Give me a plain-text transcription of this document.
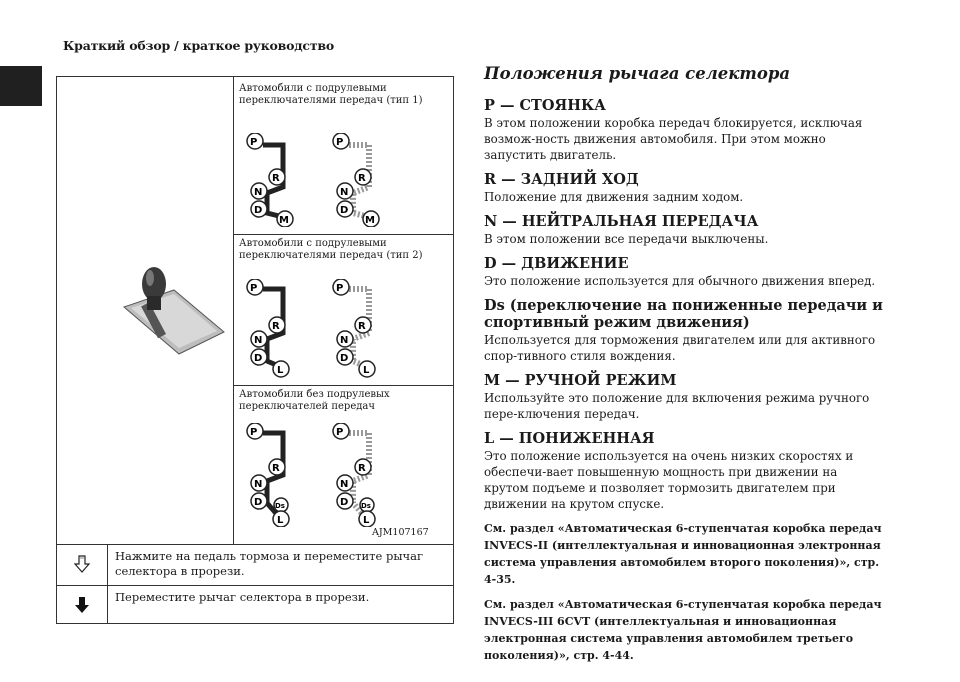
Краткий обзор / краткое руководство
Автомобили с подрулевыми переключателями передач (тип 1)
Автомобили с подрулевыми переключателями передач (тип 2)
Автомобили без подрулевых переключателей передач
P
R
N
D
M
P
R
N
D
M
P
R
N
D
L
P
R
N
D
L
P
R
N
D Ds
L
P
R
N
D Ds
L
AJM107167
Нажмите на педаль тормоза и переместите рычаг селектора в прорези.
Переместите рычаг селектора в прорези.
Положения рычага селектора
P — СТОЯНКА
В этом положении коробка передач блокируется, исключая возмож-ность движения автомобиля. При этом можно запустить двигатель.
R — ЗАДНИЙ ХОД
Положение для движения задним ходом.
N — НЕЙТРАЛЬНАЯ ПЕРЕДАЧА
В этом положении все передачи выключены.
D — ДВИЖЕНИЕ
Это положение используется для обычного движения вперед.
Ds (переключение на пониженные передачи и спортивный режим движения)
Используется для торможения двигателем или для активного спор-тивного стиля вождения.
M — РУЧНОЙ РЕЖИМ
Используйте это положение для включения режима ручного пере-ключения передач.
L — ПОНИЖЕННАЯ
Это положение используется на очень низких скоростях и обеспечи-вает повышенную мощность при движении на крутом подъеме и позволяет тормозить двигателем при движении на крутом спуске.
См. раздел «Автоматическая 6-ступенчатая коробка передач INVECS-II (интеллектуальная и инновационная электронная система управления автомобилем второго поколения)», стр. 4-35.
См. раздел «Автоматическая 6-ступенчатая коробка передач INVECS-III 6CVT (интеллектуальная и инновационная электронная система управления автомобилем третьего поколения)», стр. 4-44.
